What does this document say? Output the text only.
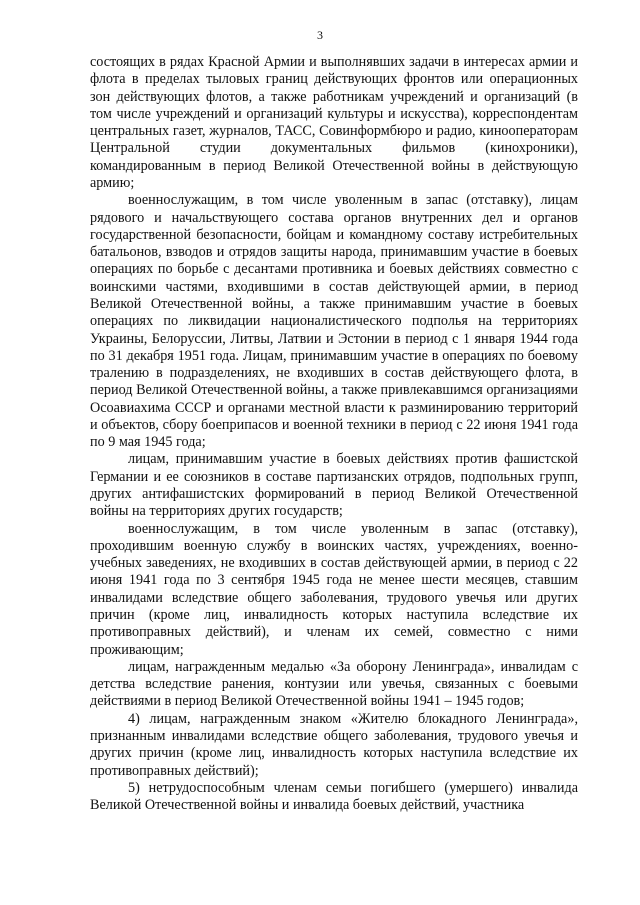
3

состоящих в рядах Красной Армии и выполнявших задачи в интересах армии и флота в пределах тыловых границ действующих фронтов или операционных зон действующих флотов, а также работникам учреждений и организаций (в том числе учреждений и организаций культуры и искусства), корреспондентам центральных газет, журналов, ТАСС, Совинформбюро и радио, кинооператорам Центральной студии документальных фильмов (кинохроники), командированным в период Великой Отечественной войны в действующую армию;

военнослужащим, в том числе уволенным в запас (отставку), лицам рядового и начальствующего состава органов внутренних дел и органов государственной безопасности, бойцам и командному составу истребительных батальонов, взводов и отрядов защиты народа, принимавшим участие в боевых операциях по борьбе с десантами противника и боевых действиях совместно с воинскими частями, входившими в состав действующей армии, в период Великой Отечественной войны, а также принимавшим участие в боевых операциях по ликвидации националистического подполья на территориях Украины, Белоруссии, Литвы, Латвии и Эстонии в период с 1 января 1944 года по 31 декабря 1951 года. Лицам, принимавшим участие в операциях по боевому тралению в подразделениях, не входивших в состав действующего флота, в период Великой Отечественной войны, а также привлекавшимся организациями Осоавиахима СССР и органами местной власти к разминированию территорий и объектов, сбору боеприпасов и военной техники в период с 22 июня 1941 года по 9 мая 1945 года;

лицам, принимавшим участие в боевых действиях против фашистской Германии и ее союзников в составе партизанских отрядов, подпольных групп, других антифашистских формирований в период Великой Отечественной войны на территориях других государств;

военнослужащим, в том числе уволенным в запас (отставку), проходившим военную службу в воинских частях, учреждениях, военно-учебных заведениях, не входивших в состав действующей армии, в период с 22 июня 1941 года по 3 сентября 1945 года не менее шести месяцев, ставшим инвалидами вследствие общего заболевания, трудового увечья или других причин (кроме лиц, инвалидность которых наступила вследствие их противоправных действий), и членам их семей, совместно с ними проживающим;

лицам, награжденным медалью «За оборону Ленинграда», инвалидам с детства вследствие ранения, контузии или увечья, связанных с боевыми действиями в период Великой Отечественной войны 1941 – 1945 годов;

4) лицам, награжденным знаком «Жителю блокадного Ленинграда», признанным инвалидами вследствие общего заболевания, трудового увечья и других причин (кроме лиц, инвалидность которых наступила вследствие их противоправных действий);

5) нетрудоспособным членам семьи погибшего (умершего) инвалида Великой Отечественной войны и инвалида боевых действий, участника
